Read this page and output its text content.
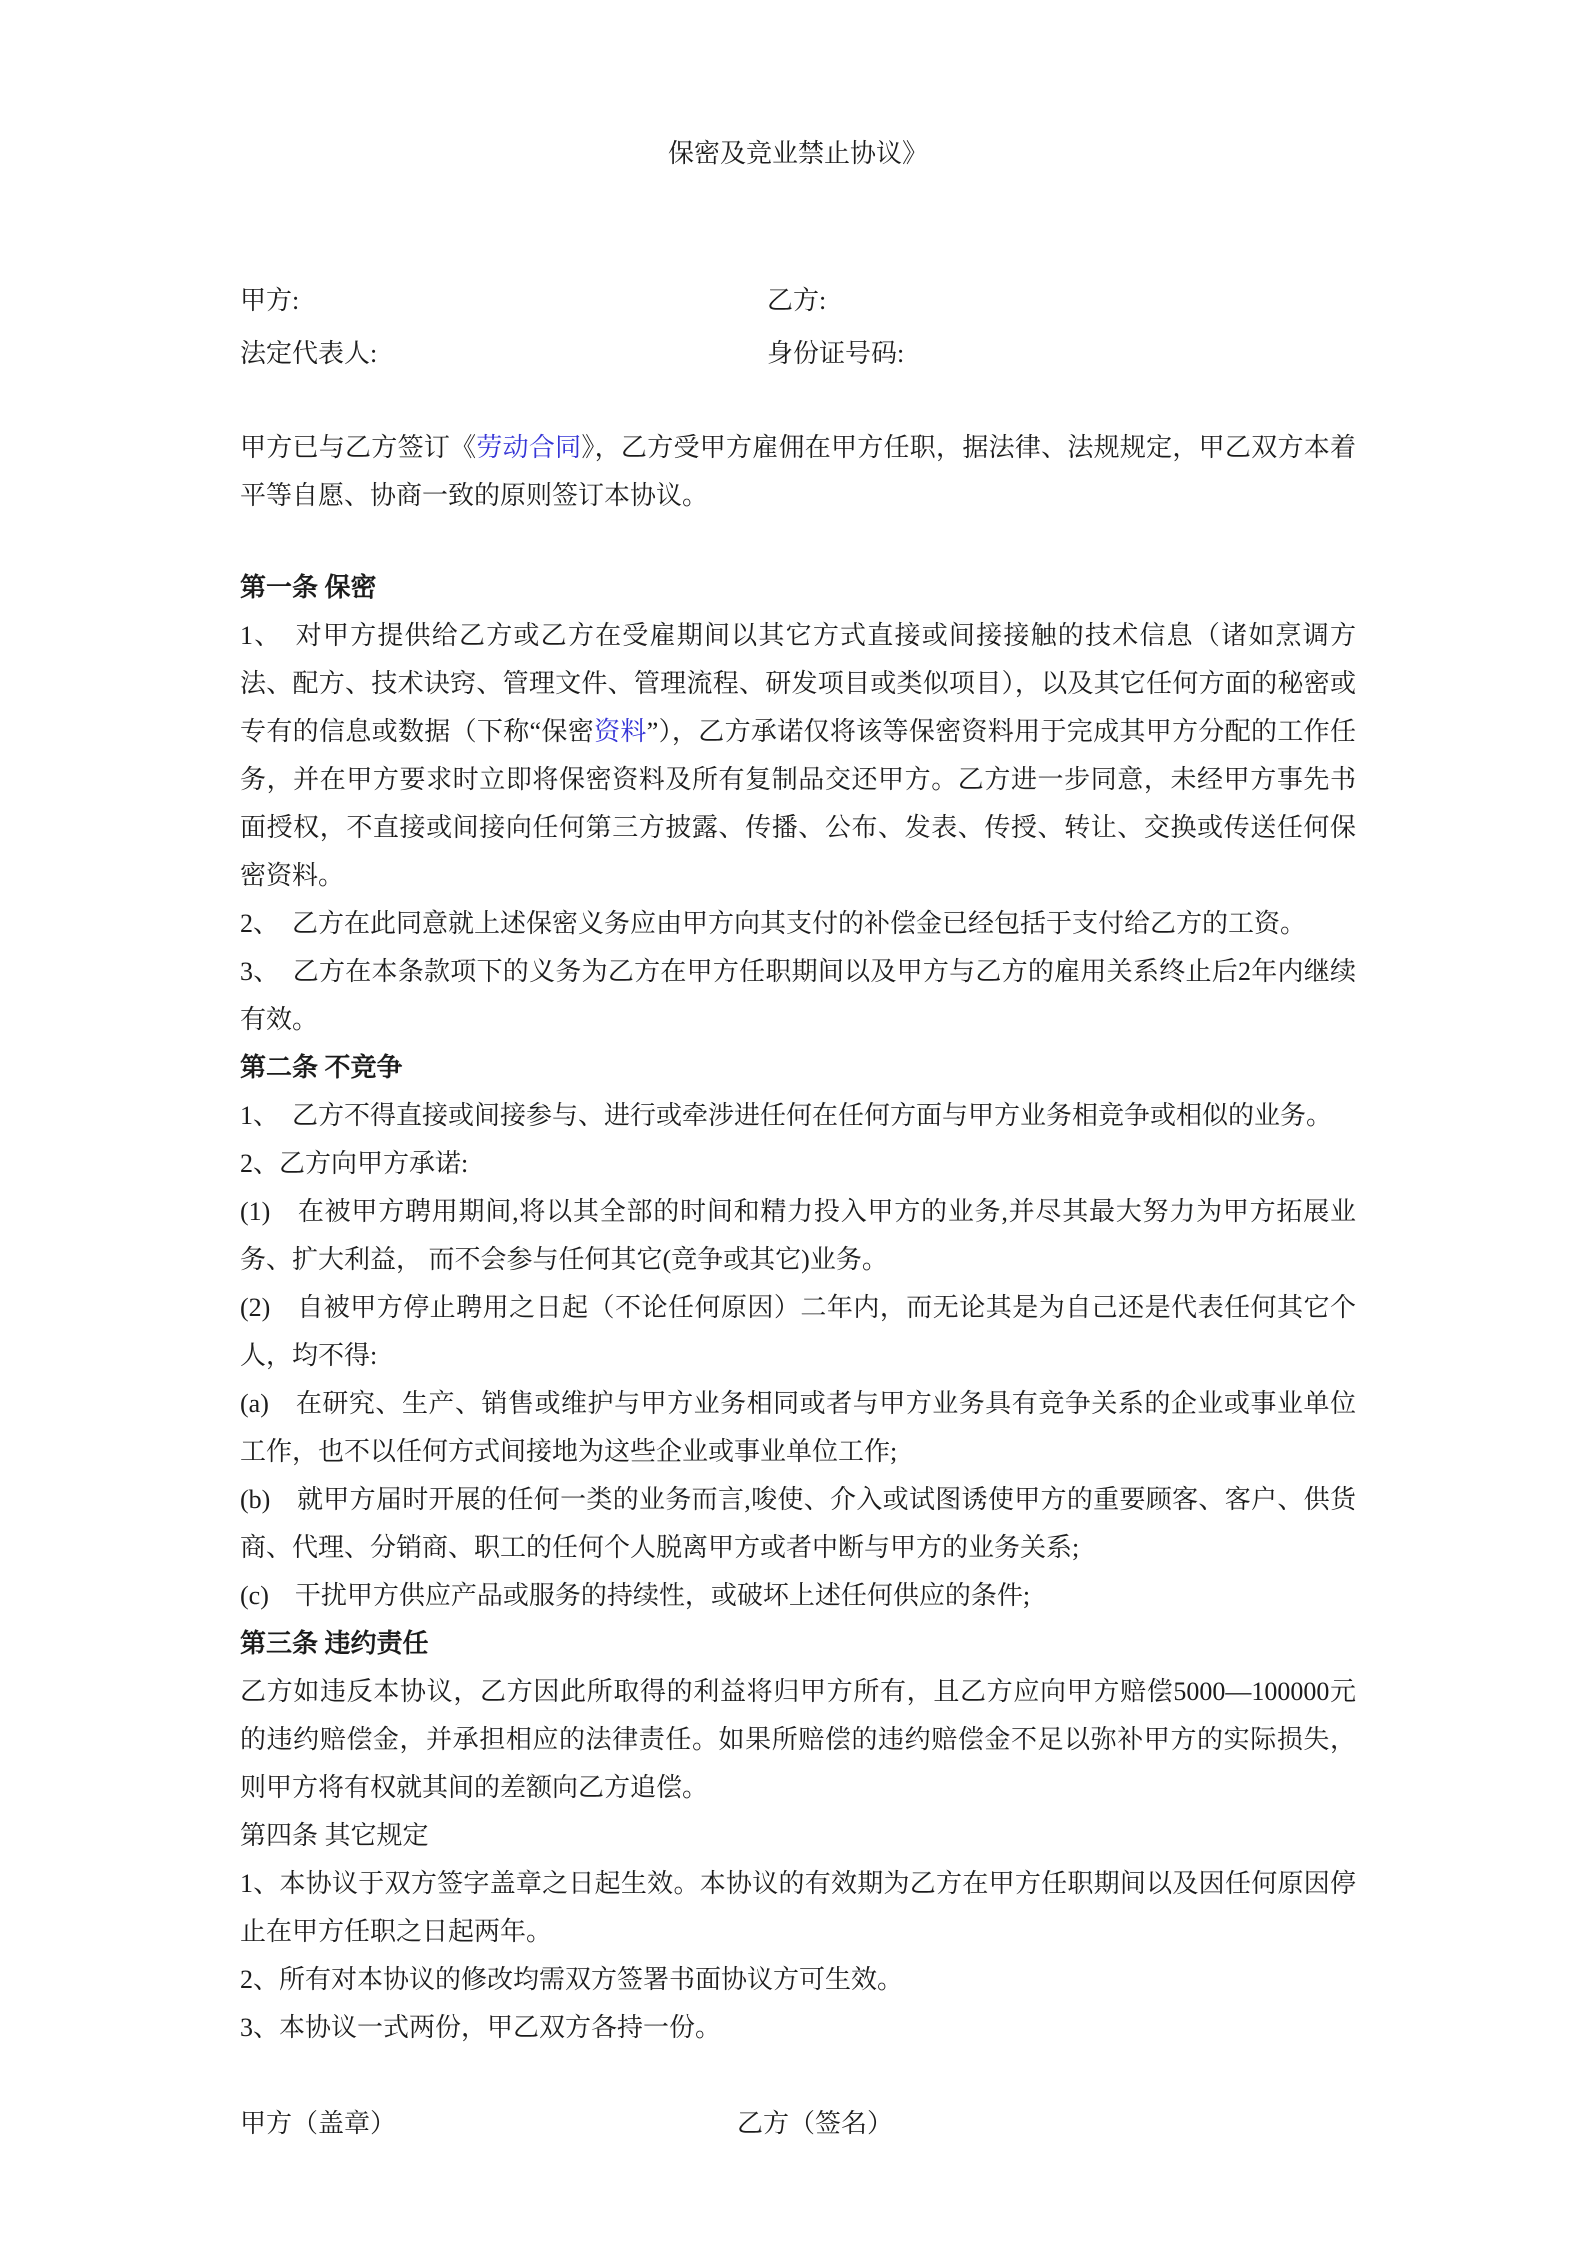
保密及竞业禁止协议》

甲方:	乙方:
法定代表人:	身份证号码:

甲方已与乙方签订《劳动合同》，乙方受甲方雇佣在甲方任职，据法律、法规规定，甲乙双方本着平等自愿、协商一致的原则签订本协议。

第一条 保密

1、　对甲方提供给乙方或乙方在受雇期间以其它方式直接或间接接触的技术信息（诸如烹调方法、配方、技术诀窍、管理文件、管理流程、研发项目或类似项目），以及其它任何方面的秘密或专有的信息或数据（下称“保密资料”），乙方承诺仅将该等保密资料用于完成其甲方分配的工作任务，并在甲方要求时立即将保密资料及所有复制品交还甲方。乙方进一步同意，未经甲方事先书面授权，不直接或间接向任何第三方披露、传播、公布、发表、传授、转让、交换或传送任何保密资料。

2、　乙方在此同意就上述保密义务应由甲方向其支付的补偿金已经包括于支付给乙方的工资。

3、　乙方在本条款项下的义务为乙方在甲方任职期间以及甲方与乙方的雇用关系终止后2年内继续有效。

第二条 不竞争

1、　乙方不得直接或间接参与、进行或牵涉进任何在任何方面与甲方业务相竞争或相似的业务。

2、乙方向甲方承诺:

(1)　在被甲方聘用期间,将以其全部的时间和精力投入甲方的业务,并尽其最大努力为甲方拓展业务、扩大利益， 而不会参与任何其它(竞争或其它)业务。

(2)　自被甲方停止聘用之日起（不论任何原因）二年内，而无论其是为自己还是代表任何其它个人，均不得:

(a)　在研究、生产、销售或维护与甲方业务相同或者与甲方业务具有竞争关系的企业或事业单位工作，也不以任何方式间接地为这些企业或事业单位工作;

(b)　就甲方届时开展的任何一类的业务而言,唆使、介入或试图诱使甲方的重要顾客、客户、供货商、代理、分销商、职工的任何个人脱离甲方或者中断与甲方的业务关系;

(c)　干扰甲方供应产品或服务的持续性，或破坏上述任何供应的条件;

第三条 违约责任

乙方如违反本协议，乙方因此所取得的利益将归甲方所有，且乙方应向甲方赔偿5000—100000元的违约赔偿金，并承担相应的法律责任。如果所赔偿的违约赔偿金不足以弥补甲方的实际损失，则甲方将有权就其间的差额向乙方追偿。

第四条 其它规定

1、本协议于双方签字盖章之日起生效。本协议的有效期为乙方在甲方任职期间以及因任何原因停止在甲方任职之日起两年。

2、所有对本协议的修改均需双方签署书面协议方可生效。

3、本协议一式两份，甲乙双方各持一份。

甲方（盖章）	乙方（签名）
